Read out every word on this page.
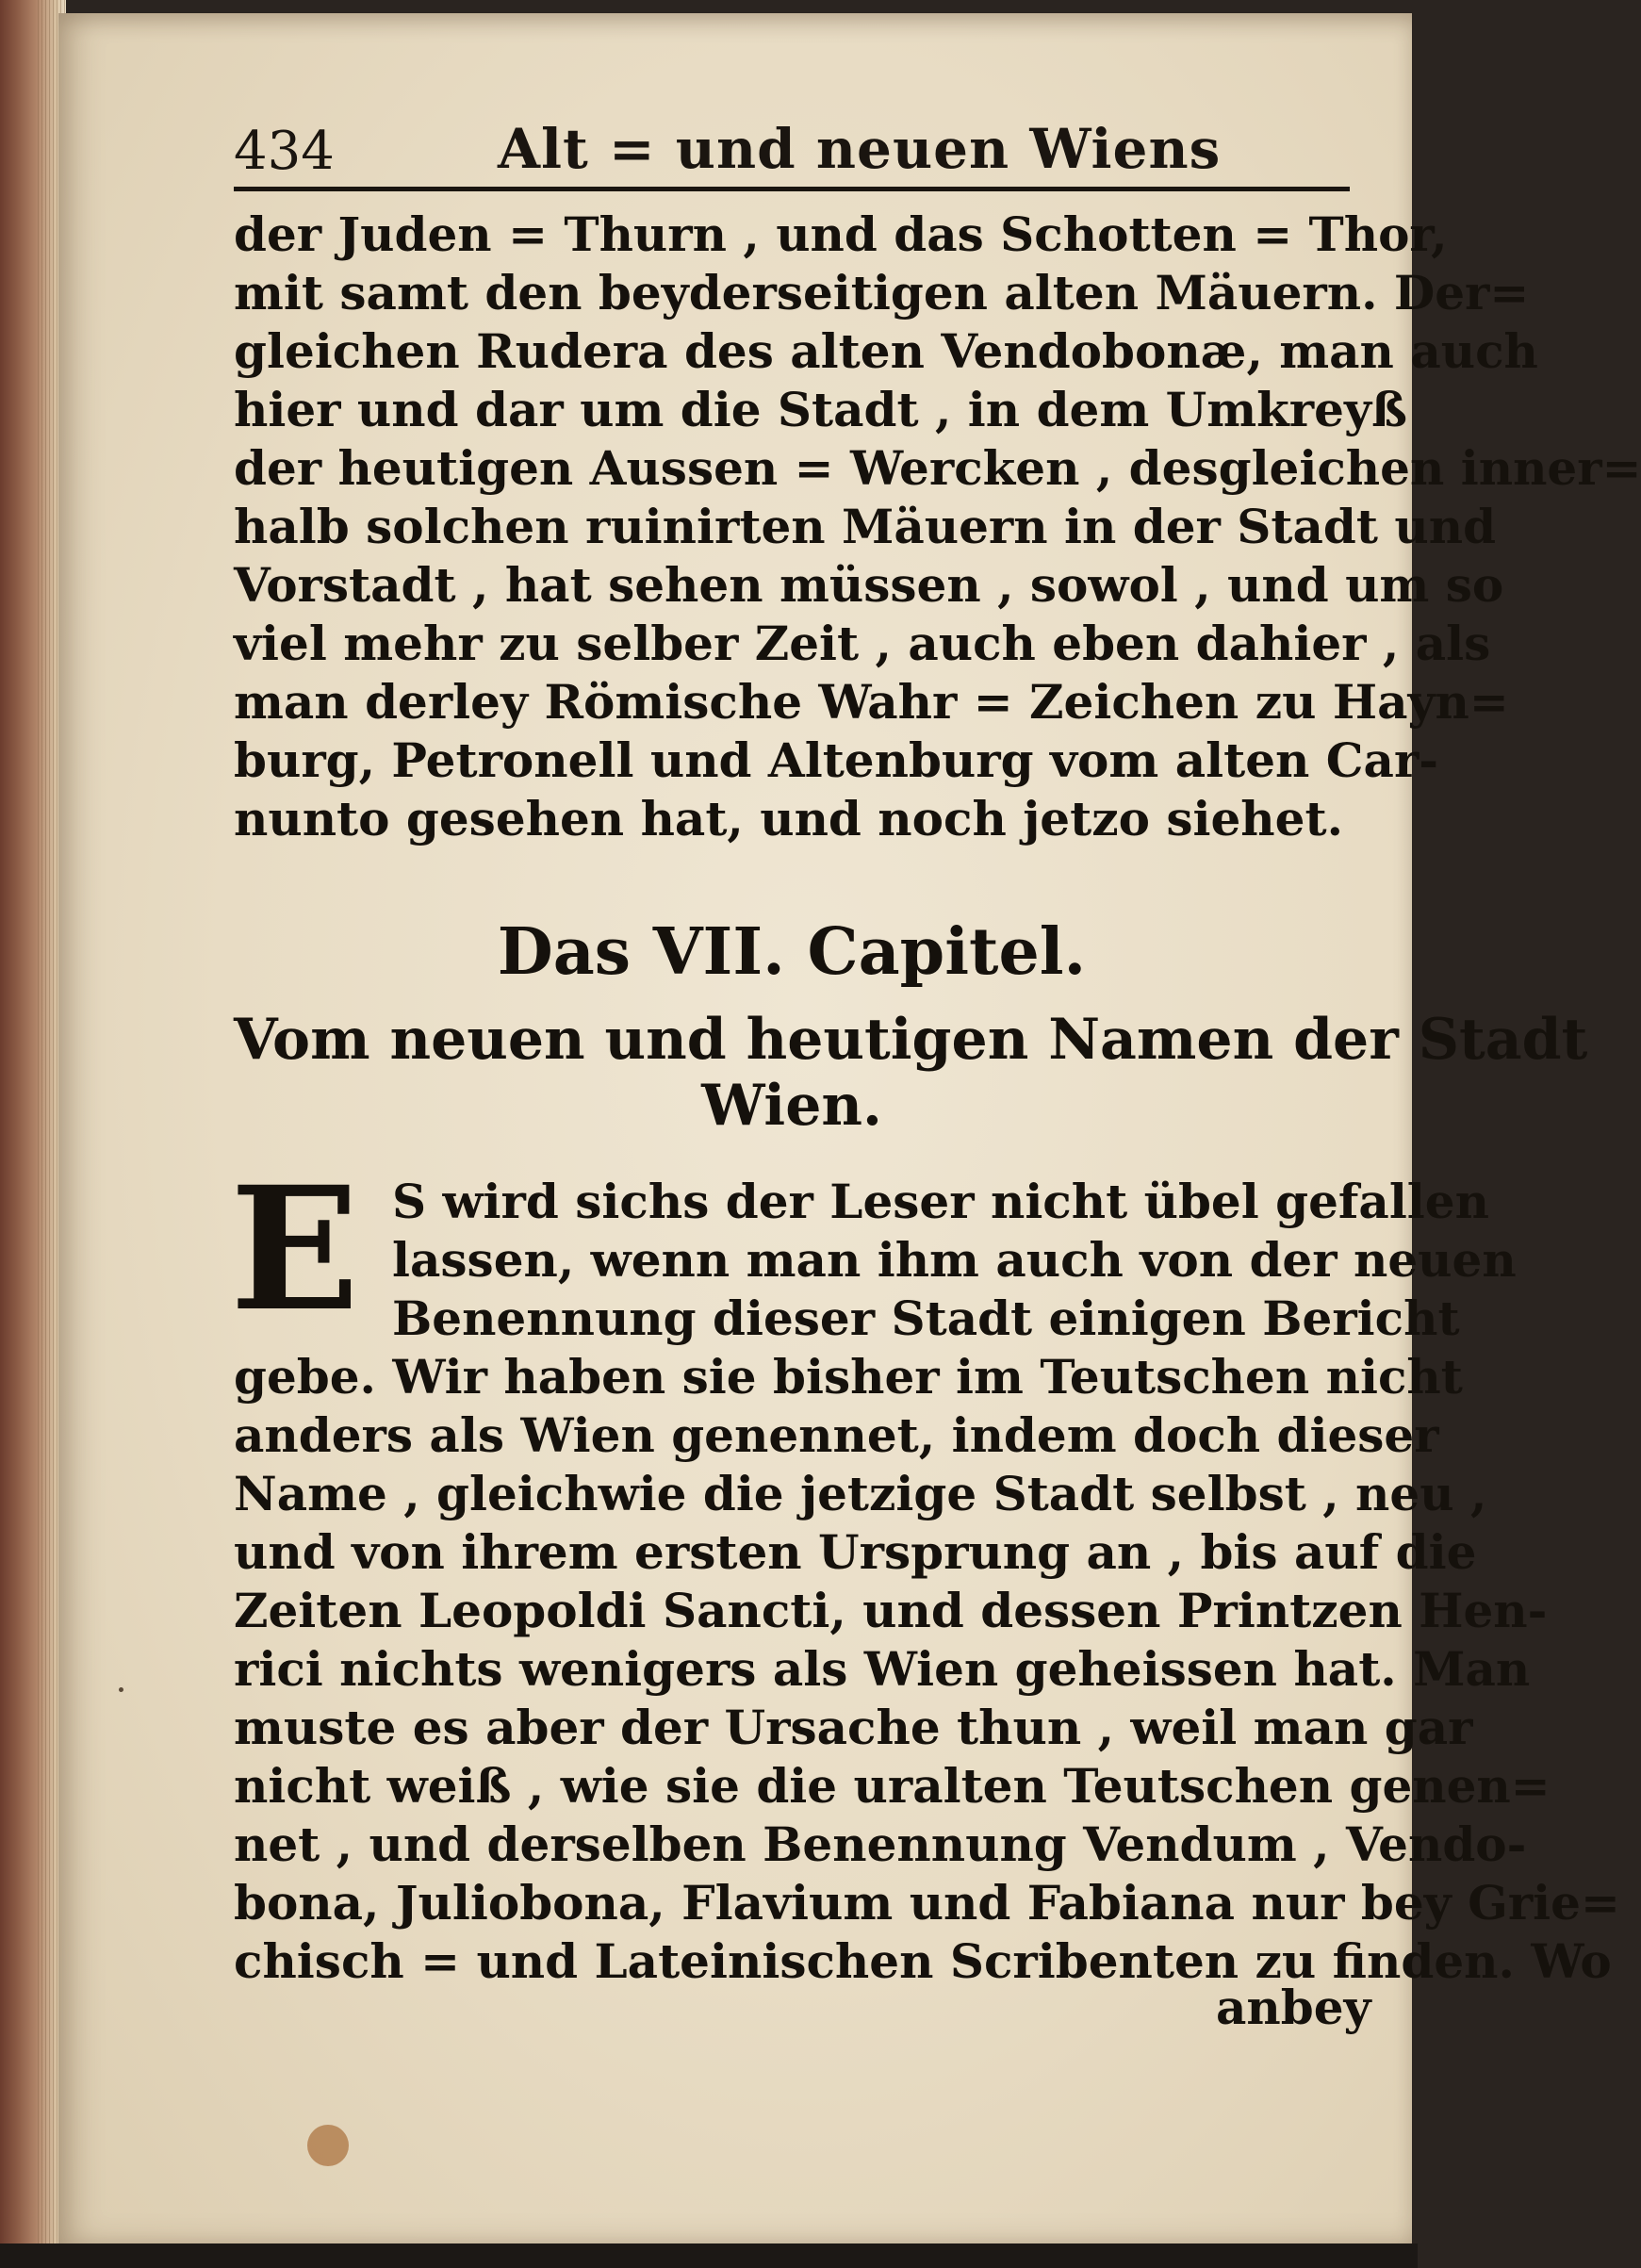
434	Alt = und neuen Wiens
der Juden = Thurn , und das Schotten = Thor,
mit samt den beyderseitigen alten Mäuern. Der=
gleichen Rudera des alten Vendobonæ, man auch
hier und dar um die Stadt , in dem Umkreyß
der heutigen Aussen = Wercken , desgleichen inner=
halb solchen ruinirten Mäuern in der Stadt und
Vorstadt , hat sehen müssen , sowol , und um so
viel mehr zu selber Zeit , auch eben dahier , als
man derley Römische Wahr = Zeichen zu Hayn=
burg, Petronell und Altenburg vom alten Car-
nunto gesehen hat, und noch jetzo siehet.
Das VII. Capitel.
Vom neuen und heutigen Namen der Stadt
Wien.
E S wird sichs der Leser nicht übel gefallen
lassen, wenn man ihm auch von der neuen
Benennung dieser Stadt einigen Bericht
gebe. Wir haben sie bisher im Teutschen nicht
anders als Wien genennet, indem doch dieser
Name , gleichwie die jetzige Stadt selbst , neu ,
und von ihrem ersten Ursprung an , bis auf die
Zeiten Leopoldi Sancti, und dessen Printzen Hen-
rici nichts wenigers als Wien geheissen hat. Man
muste es aber der Ursache thun , weil man gar
nicht weiß , wie sie die uralten Teutschen genen=
net , und derselben Benennung Vendum , Vendo-
bona, Juliobona, Flavium und Fabiana nur bey Grie=
chisch = und Lateinischen Scribenten zu finden. Wo
anbey
